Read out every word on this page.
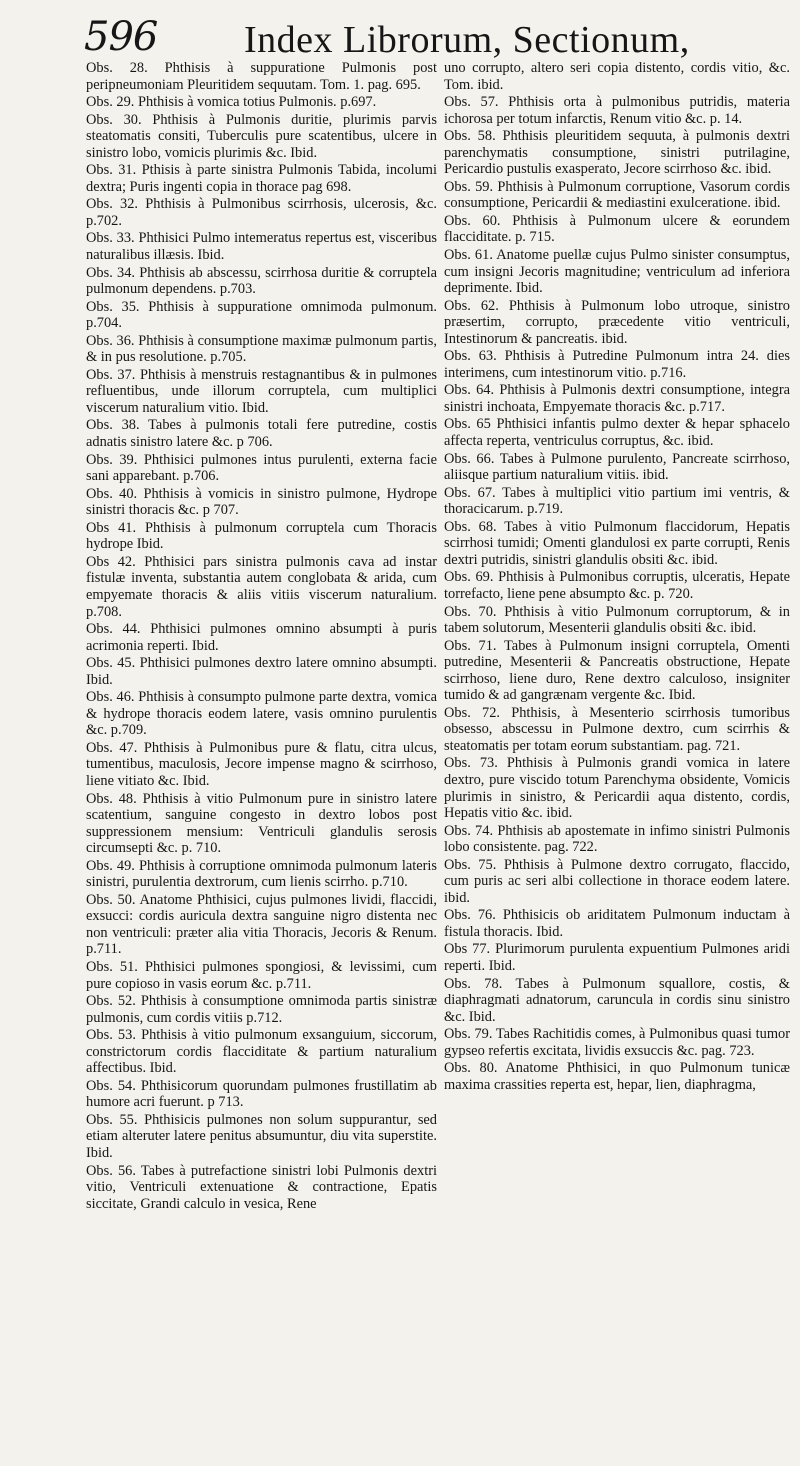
596 Index Librorum, Sectionum,

Obs. 28. Phthisis à suppuratione Pulmonis post peripneumoniam Pleuritidem sequutam. Tom. 1. pag. 695.

Obs. 29. Phthisis à vomica totius Pulmonis. p.697.

Obs. 30. Phthisis à Pulmonis duritie, plurimis parvis steatomatis consiti, Tuberculis pure scatentibus, ulcere in sinistro lobo, vomicis plurimis &c. Ibid.

Obs. 31. Pthisis à parte sinistra Pulmonis Tabida, incolumi dextra; Puris ingenti copia in thorace pag 698.

Obs. 32. Phthisis à Pulmonibus scirrhosis, ulcerosis, &c. p.702.

Obs. 33. Phthisici Pulmo intemeratus repertus est, visceribus naturalibus illæsis. Ibid.

Obs. 34. Phthisis ab abscessu, scirrhosa duritie & corruptela pulmonum dependens. p.703.

Obs. 35. Phthisis à suppuratione omnimoda pulmonum. p.704.

Obs. 36. Phthisis à consumptione maximæ pulmonum partis, & in pus resolutione. p.705.

Obs. 37. Phthisis à menstruis restagnantibus & in pulmones refluentibus, unde illorum corruptela, cum multiplici viscerum naturalium vitio. Ibid.

Obs. 38. Tabes à pulmonis totali fere putredine, costis adnatis sinistro latere &c. p 706.

Obs. 39. Phthisici pulmones intus purulenti, externa facie sani apparebant. p.706.

Obs. 40. Phthisis à vomicis in sinistro pulmone, Hydrope sinistri thoracis &c. p 707.

Obs 41. Phthisis à pulmonum corruptela cum Thoracis hydrope Ibid.

Obs 42. Phthisici pars sinistra pulmonis cava ad instar fistulæ inventa, substantia autem conglobata & arida, cum empyemate thoracis & aliis vitiis viscerum naturalium. p.708.

Obs. 44. Phthisici pulmones omnino absumpti à puris acrimonia reperti. Ibid.

Obs. 45. Phthisici pulmones dextro latere omnino absumpti. Ibid.

Obs. 46. Phthisis à consumpto pulmone parte dextra, vomica & hydrope thoracis eodem latere, vasis omnino purulentis &c. p.709.

Obs. 47. Phthisis à Pulmonibus pure & flatu, citra ulcus, tumentibus, maculosis, Jecore impense magno & scirrhoso, liene vitiato &c. Ibid.

Obs. 48. Phthisis à vitio Pulmonum pure in sinistro latere scatentium, sanguine congesto in dextro lobos post suppressionem mensium: Ventriculi glandulis serosis circumsepti &c. p. 710.

Obs. 49. Phthisis à corruptione omnimoda pulmonum lateris sinistri, purulentia dextrorum, cum lienis scirrho. p.710.

Obs. 50. Anatome Phthisici, cujus pulmones lividi, flaccidi, exsucci: cordis auricula dextra sanguine nigro distenta nec non ventriculi: præter alia vitia Thoracis, Jecoris & Renum. p.711.

Obs. 51. Phthisici pulmones spongiosi, & levissimi, cum pure copioso in vasis eorum &c. p.711.

Obs. 52. Phthisis à consumptione omnimoda partis sinistræ pulmonis, cum cordis vitiis p.712.

Obs. 53. Phthisis à vitio pulmonum exsanguium, siccorum, constrictorum cordis flacciditate & partium naturalium affectibus. Ibid.

Obs. 54. Phthisicorum quorundam pulmones frustillatim ab humore acri fuerunt. p 713.

Obs. 55. Phthisicis pulmones non solum suppurantur, sed etiam alteruter latere penitus absumuntur, diu vita superstite. Ibid.

Obs. 56. Tabes à putrefactione sinistri lobi Pulmonis dextri vitio, Ventriculi extenuatione & contractione, Epatis siccitate, Grandi calculo in vesica, Rene

uno corrupto, altero seri copia distento, cordis vitio, &c. Tom. ibid.

Obs. 57. Phthisis orta à pulmonibus putridis, materia ichorosa per totum infarctis, Renum vitio &c. p. 14.

Obs. 58. Phthisis pleuritidem sequuta, à pulmonis dextri parenchymatis consumptione, sinistri putrilagine, Pericardio pustulis exasperato, Jecore scirrhoso &c. ibid.

Obs. 59. Phthisis à Pulmonum corruptione, Vasorum cordis consumptione, Pericardii & mediastini exulceratione. ibid.

Obs. 60. Phthisis à Pulmonum ulcere & eorundem flacciditate. p. 715.

Obs. 61. Anatome puellæ cujus Pulmo sinister consumptus, cum insigni Jecoris magnitudine; ventriculum ad inferiora deprimente. Ibid.

Obs. 62. Phthisis à Pulmonum lobo utroque, sinistro præsertim, corrupto, præcedente vitio ventriculi, Intestinorum & pancreatis. ibid.

Obs. 63. Phthisis à Putredine Pulmonum intra 24. dies interimens, cum intestinorum vitio. p.716.

Obs. 64. Phthisis à Pulmonis dextri consumptione, integra sinistri inchoata, Empyemate thoracis &c. p.717.

Obs. 65 Phthisici infantis pulmo dexter & hepar sphacelo affecta reperta, ventriculus corruptus, &c. ibid.

Obs. 66. Tabes à Pulmone purulento, Pancreate scirrhoso, aliisque partium naturalium vitiis. ibid.

Obs. 67. Tabes à multiplici vitio partium imi ventris, & thoracicarum. p.719.

Obs. 68. Tabes à vitio Pulmonum flaccidorum, Hepatis scirrhosi tumidi; Omenti glandulosi ex parte corrupti, Renis dextri putridis, sinistri glandulis obsiti &c. ibid.

Obs. 69. Phthisis à Pulmonibus corruptis, ulceratis, Hepate torrefacto, liene pene absumpto &c. p. 720.

Obs. 70. Phthisis à vitio Pulmonum corruptorum, & in tabem solutorum, Mesenterii glandulis obsiti &c. ibid.

Obs. 71. Tabes à Pulmonum insigni corruptela, Omenti putredine, Mesenterii & Pancreatis obstructione, Hepate scirrhoso, liene duro, Rene dextro calculoso, insigniter tumido & ad gangrænam vergente &c. Ibid.

Obs. 72. Phthisis, à Mesenterio scirrhosis tumoribus obsesso, abscessu in Pulmone dextro, cum scirrhis & steatomatis per totam eorum substantiam. pag. 721.

Obs. 73. Phthisis à Pulmonis grandi vomica in latere dextro, pure viscido totum Parenchyma obsidente, Vomicis plurimis in sinistro, & Pericardii aqua distento, cordis, Hepatis vitio &c. ibid.

Obs. 74. Phthisis ab apostemate in infimo sinistri Pulmonis lobo consistente. pag. 722.

Obs. 75. Phthisis à Pulmone dextro corrugato, flaccido, cum puris ac seri albi collectione in thorace eodem latere. ibid.

Obs. 76. Phthisicis ob ariditatem Pulmonum inductam à fistula thoracis. Ibid.

Obs 77. Plurimorum purulenta expuentium Pulmones aridi reperti. Ibid.

Obs. 78. Tabes à Pulmonum squallore, costis, & diaphragmati adnatorum, caruncula in cordis sinu sinistro &c. Ibid.

Obs. 79. Tabes Rachitidis comes, à Pulmonibus quasi tumor gypseo refertis excitata, lividis exsuccis &c. pag. 723.

Obs. 80. Anatome Phthisici, in quo Pulmonum tunicæ maxima crassities reperta est, hepar, lien, diaphragma,
